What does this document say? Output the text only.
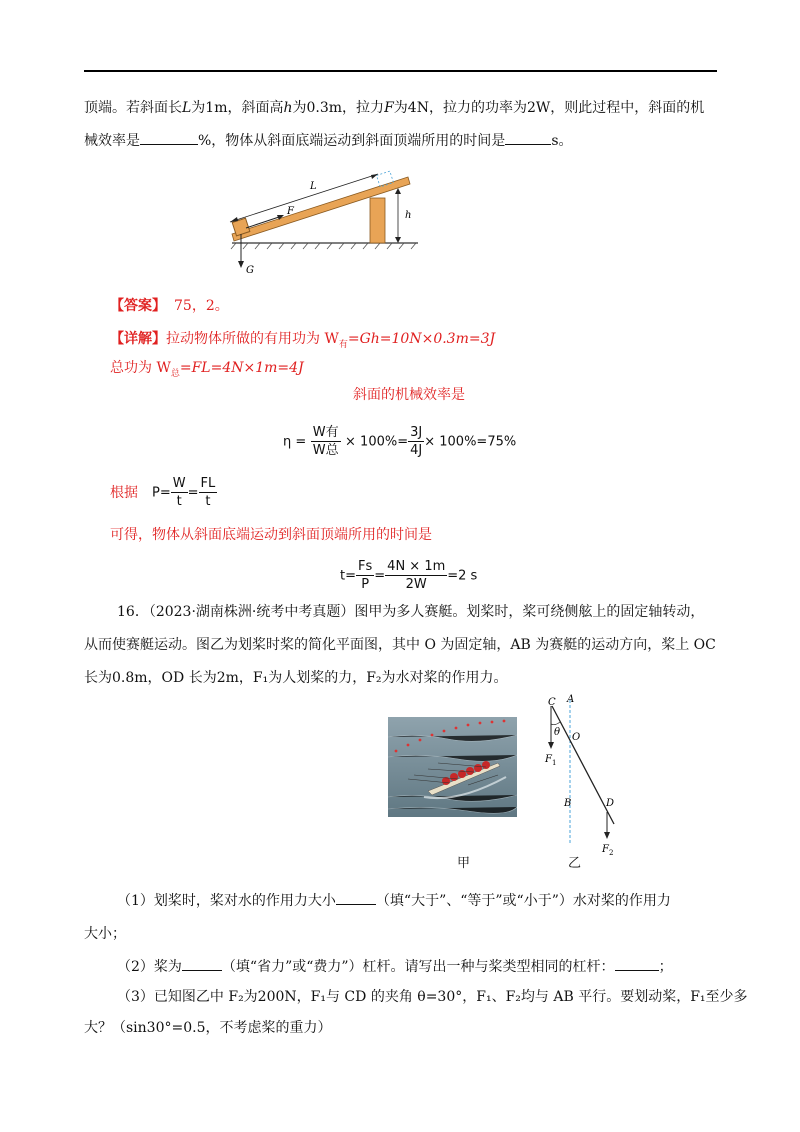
顶端。若斜面长L为1m，斜面高h为0.3m，拉力F为4N，拉力的功率为2W，则此过程中，斜面的机
械效率是	%，物体从斜面底端运动到斜面顶端所用的时间是	s。
F
L
h
G
【答案】 75，2。
【详解】拉动物体所做的有用功为 $W_有=Gh=10N\times 0.3m=3J$
总功为 $W_总=FL=4N\times 1m=4J$
斜面的机械效率是
$\eta = \frac{\text{W有}}{\text{W总}} \times 100\%= \frac{3J}{4J} \times 100\%=75\%$
根据 $P= \frac{W}{t} = \frac{FL}{t}$
可得，物体从斜面底端运动到斜面顶端所用的时间是
$t= \frac{Fs}{P} = \frac{4N \times 1m}{2W} =2$ s
16．（2023·湖南株洲·统考中考真题）图甲为多人赛艇。划桨时，桨可绕侧舷上的固定轴转动，从而使赛艇运动。图乙为划桨时桨的简化平面图，其中 O 为固定轴，AB 为赛艇的运动方向，桨上 OC 长为0.8m，OD 长为2m，F₁为人划桨的力，F₂为水对桨的作用力。
C A
θ O
$F_1$
B	D
$F_2$
甲	乙
（1）划桨时，桨对水的作用力大小	（填“大于”、“等于”或“小于”）水对桨的作用力
大小；
（2）桨为	（填“省力”或“费力”）杠杆。请写出一种与桨类型相同的杠杆：	；
（3）已知图乙中 F₂为200N，F₁与 CD 的夹角 θ=30°，F₁、F₂均与 AB 平行。要划动桨，F₁至少多
大？（sin30°=0.5，不考虑桨的重力）
